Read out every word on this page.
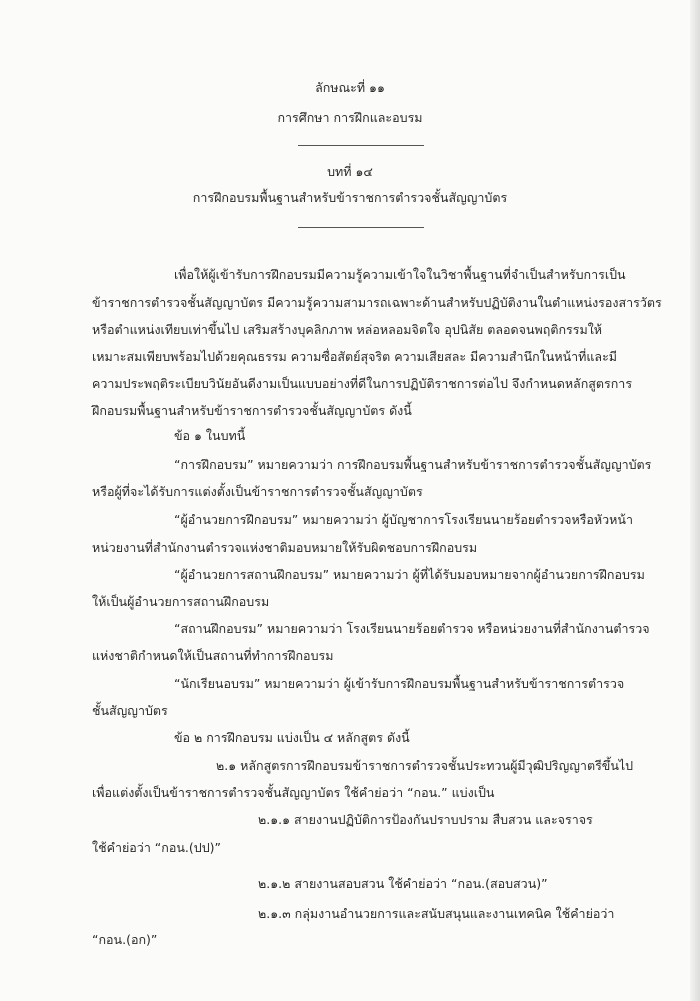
ลักษณะที่ ๑๑
การศึกษา การฝึกและอบรม
บทที่ ๑๔
การฝึกอบรมพื้นฐานสำหรับข้าราชการตำรวจชั้นสัญญาบัตร
เพื่อให้ผู้เข้ารับการฝึกอบรมมีความรู้ความเข้าใจในวิชาพื้นฐานที่จำเป็นสำหรับการเป็น
ข้าราชการตำรวจชั้นสัญญาบัตร มีความรู้ความสามารถเฉพาะด้านสำหรับปฏิบัติงานในตำแหน่งรองสารวัตร
หรือตำแหน่งเทียบเท่าขึ้นไป เสริมสร้างบุคลิกภาพ หล่อหลอมจิตใจ อุปนิสัย ตลอดจนพฤติกรรมให้
เหมาะสมเพียบพร้อมไปด้วยคุณธรรม ความซื่อสัตย์สุจริต ความเสียสละ มีความสำนึกในหน้าที่และมี
ความประพฤติระเบียบวินัยอันดีงามเป็นแบบอย่างที่ดีในการปฏิบัติราชการต่อไป จึงกำหนดหลักสูตรการ
ฝึกอบรมพื้นฐานสำหรับข้าราชการตำรวจชั้นสัญญาบัตร ดังนี้
ข้อ ๑ ในบทนี้
“การฝึกอบรม” หมายความว่า การฝึกอบรมพื้นฐานสำหรับข้าราชการตำรวจชั้นสัญญาบัตร
หรือผู้ที่จะได้รับการแต่งตั้งเป็นข้าราชการตำรวจชั้นสัญญาบัตร
“ผู้อำนวยการฝึกอบรม” หมายความว่า ผู้บัญชาการโรงเรียนนายร้อยตำรวจหรือหัวหน้า
หน่วยงานที่สำนักงานตำรวจแห่งชาติมอบหมายให้รับผิดชอบการฝึกอบรม
“ผู้อำนวยการสถานฝึกอบรม” หมายความว่า ผู้ที่ได้รับมอบหมายจากผู้อำนวยการฝึกอบรม
ให้เป็นผู้อำนวยการสถานฝึกอบรม
“สถานฝึกอบรม” หมายความว่า โรงเรียนนายร้อยตำรวจ หรือหน่วยงานที่สำนักงานตำรวจ
แห่งชาติกำหนดให้เป็นสถานที่ทำการฝึกอบรม
“นักเรียนอบรม” หมายความว่า ผู้เข้ารับการฝึกอบรมพื้นฐานสำหรับข้าราชการตำรวจ
ชั้นสัญญาบัตร
ข้อ ๒ การฝึกอบรม แบ่งเป็น ๔ หลักสูตร ดังนี้
๒.๑ หลักสูตรการฝึกอบรมข้าราชการตำรวจชั้นประทวนผู้มีวุฒิปริญญาตรีขึ้นไป
เพื่อแต่งตั้งเป็นข้าราชการตำรวจชั้นสัญญาบัตร ใช้คำย่อว่า “กอน.” แบ่งเป็น
๒.๑.๑ สายงานปฏิบัติการป้องกันปราบปราม สืบสวน และจราจร
ใช้คำย่อว่า “กอน.(ปป)”
๒.๑.๒ สายงานสอบสวน ใช้คำย่อว่า “กอน.(สอบสวน)”
๒.๑.๓ กลุ่มงานอำนวยการและสนับสนุนและงานเทคนิค ใช้คำย่อว่า
“กอน.(อก)”
